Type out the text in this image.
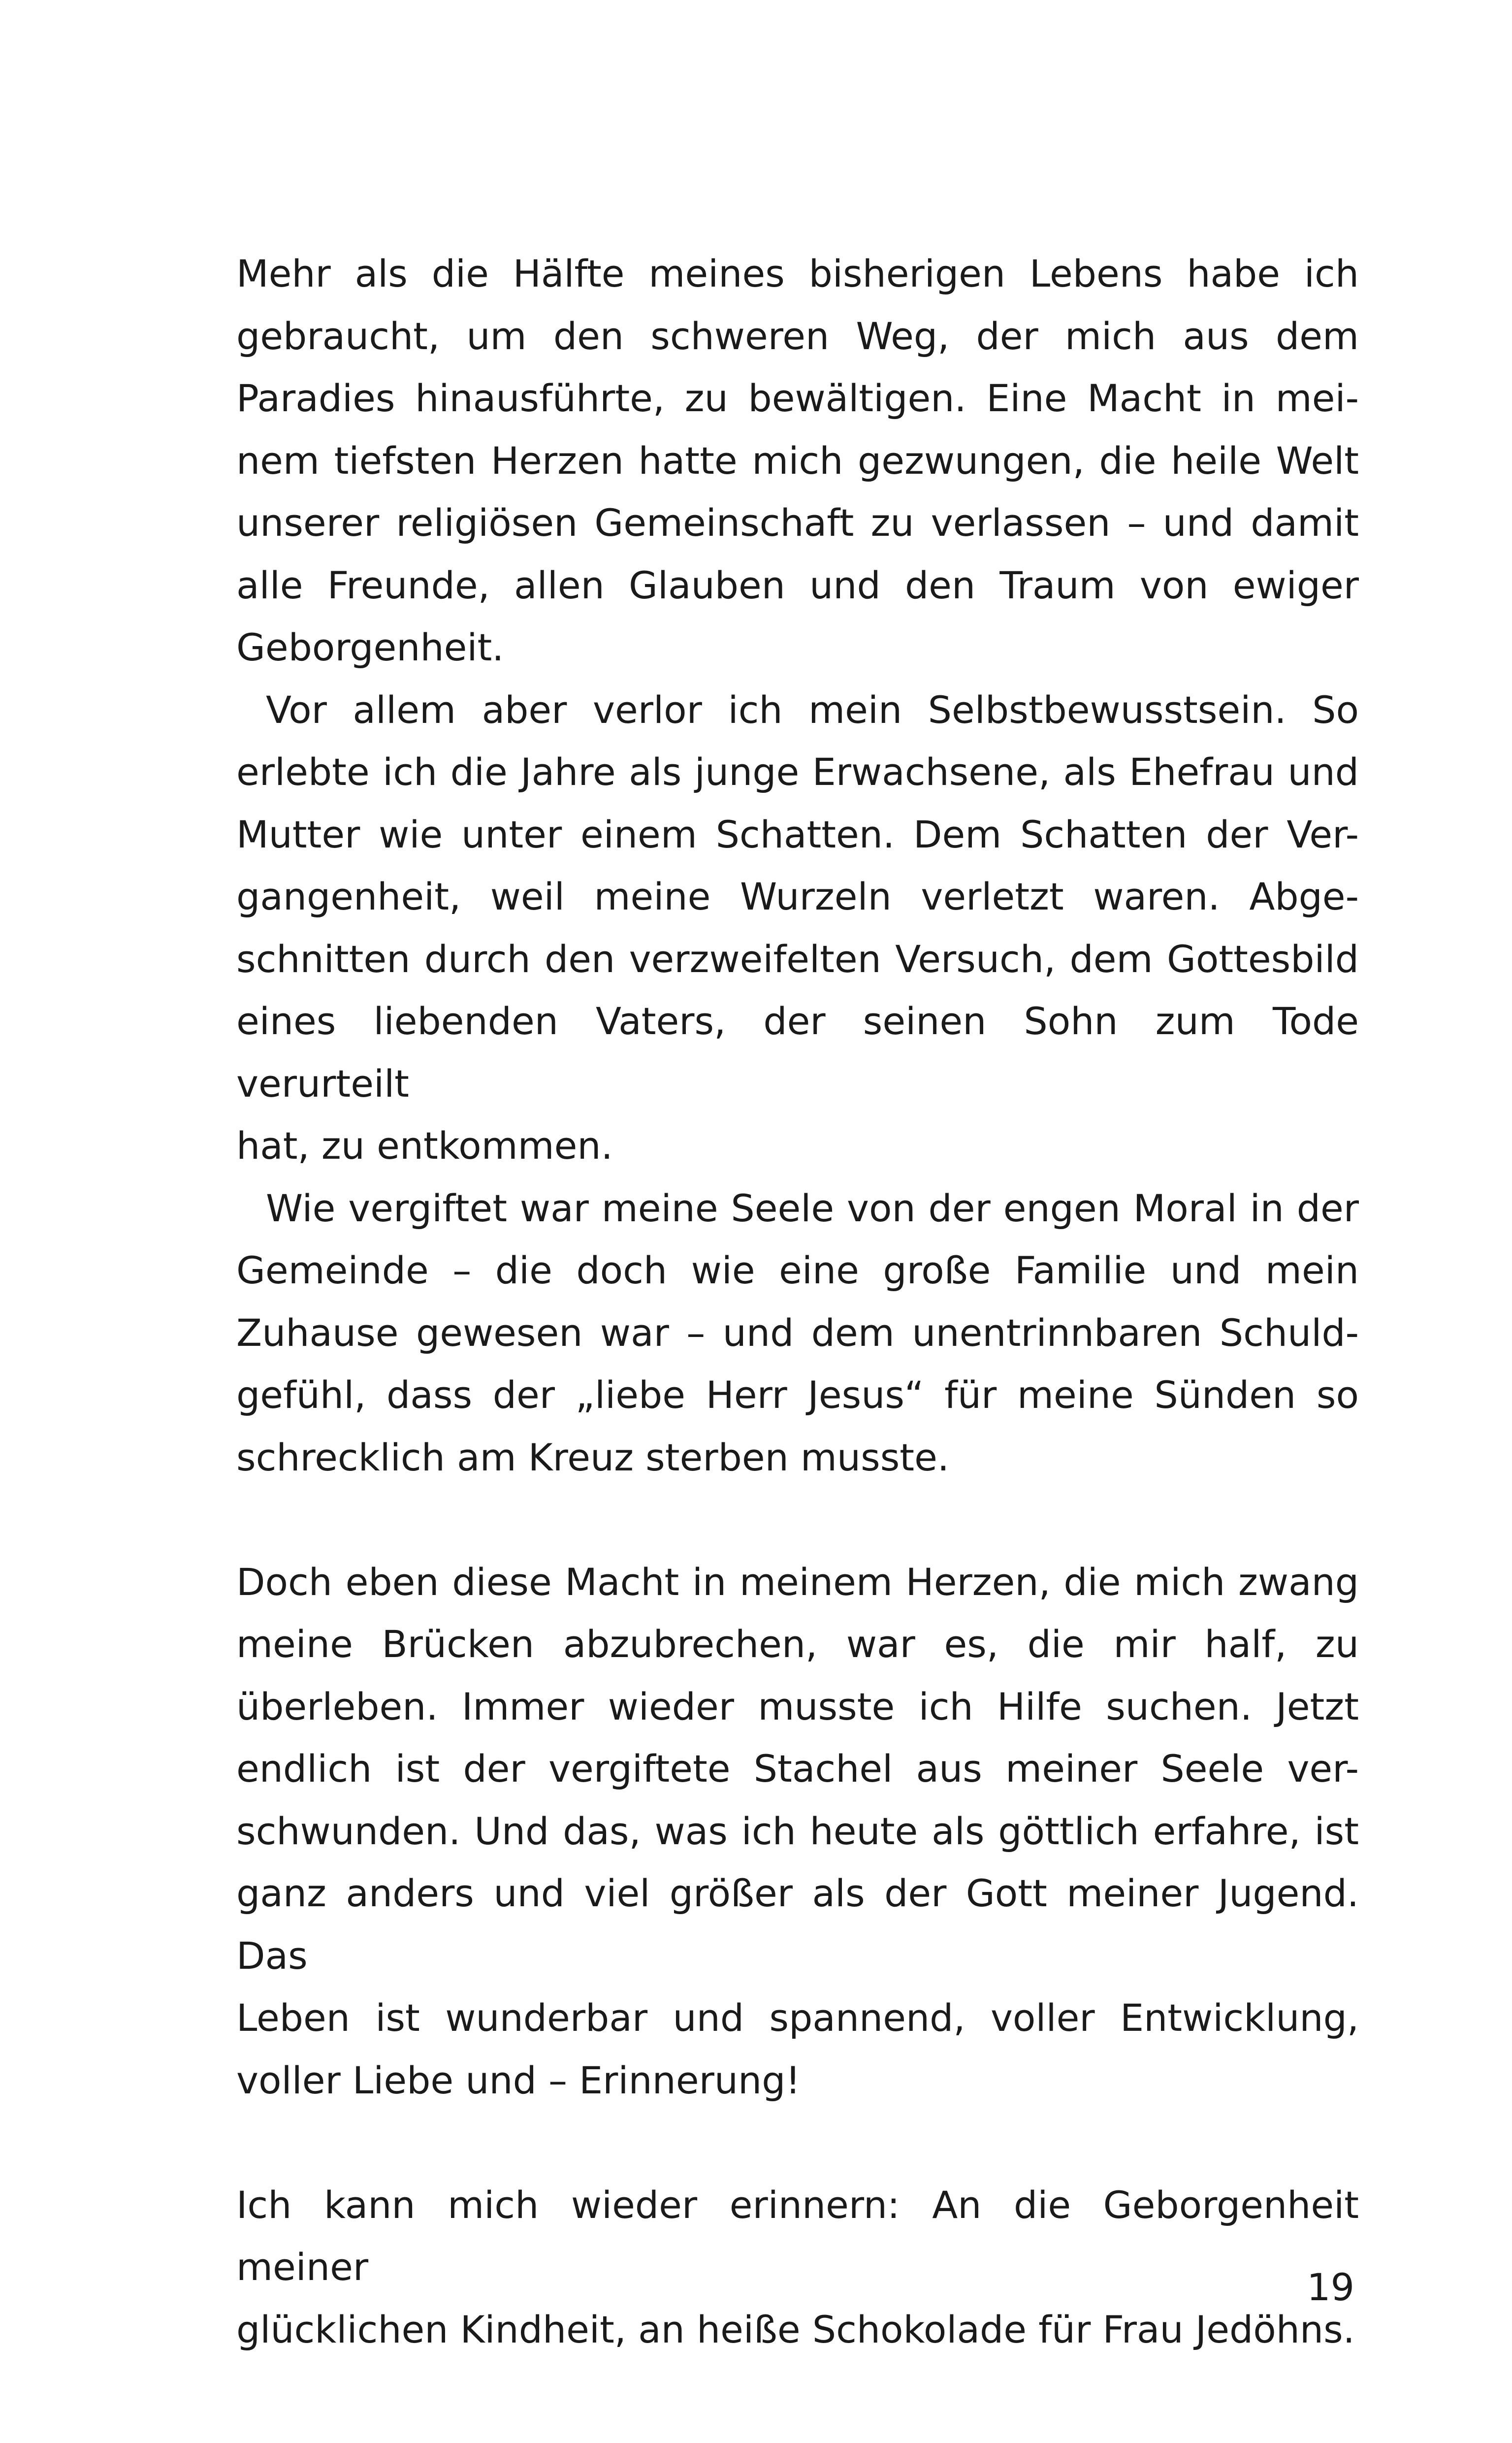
Mehr als die Hälfte meines bisherigen Lebens habe ich
gebraucht, um den schweren Weg, der mich aus dem
Paradies hinausführte, zu bewältigen. Eine Macht in mei-
nem tiefsten Herzen hatte mich gezwungen, die heile Welt
unserer religiösen Gemeinschaft zu verlassen – und damit
alle Freunde, allen Glauben und den Traum von ewiger
Geborgenheit.

Vor allem aber verlor ich mein Selbstbewusstsein. So
erlebte ich die Jahre als junge Erwachsene, als Ehefrau und
Mutter wie unter einem Schatten. Dem Schatten der Ver-
gangenheit, weil meine Wurzeln verletzt waren. Abge-
schnitten durch den verzweifelten Versuch, dem Gottesbild
eines liebenden Vaters, der seinen Sohn zum Tode verurteilt
hat, zu entkommen.

Wie vergiftet war meine Seele von der engen Moral in der
Gemeinde – die doch wie eine große Familie und mein
Zuhause gewesen war – und dem unentrinnbaren Schuld-
gefühl, dass der „liebe Herr Jesus“ für meine Sünden so
schrecklich am Kreuz sterben musste.

Doch eben diese Macht in meinem Herzen, die mich zwang
meine Brücken abzubrechen, war es, die mir half, zu
überleben. Immer wieder musste ich Hilfe suchen. Jetzt
endlich ist der vergiftete Stachel aus meiner Seele ver-
schwunden. Und das, was ich heute als göttlich erfahre, ist
ganz anders und viel größer als der Gott meiner Jugend. Das
Leben ist wunderbar und spannend, voller Entwicklung,
voller Liebe und – Erinnerung!

Ich kann mich wieder erinnern: An die Geborgenheit meiner
glücklichen Kindheit, an heiße Schokolade für Frau Jedöhns.

19
